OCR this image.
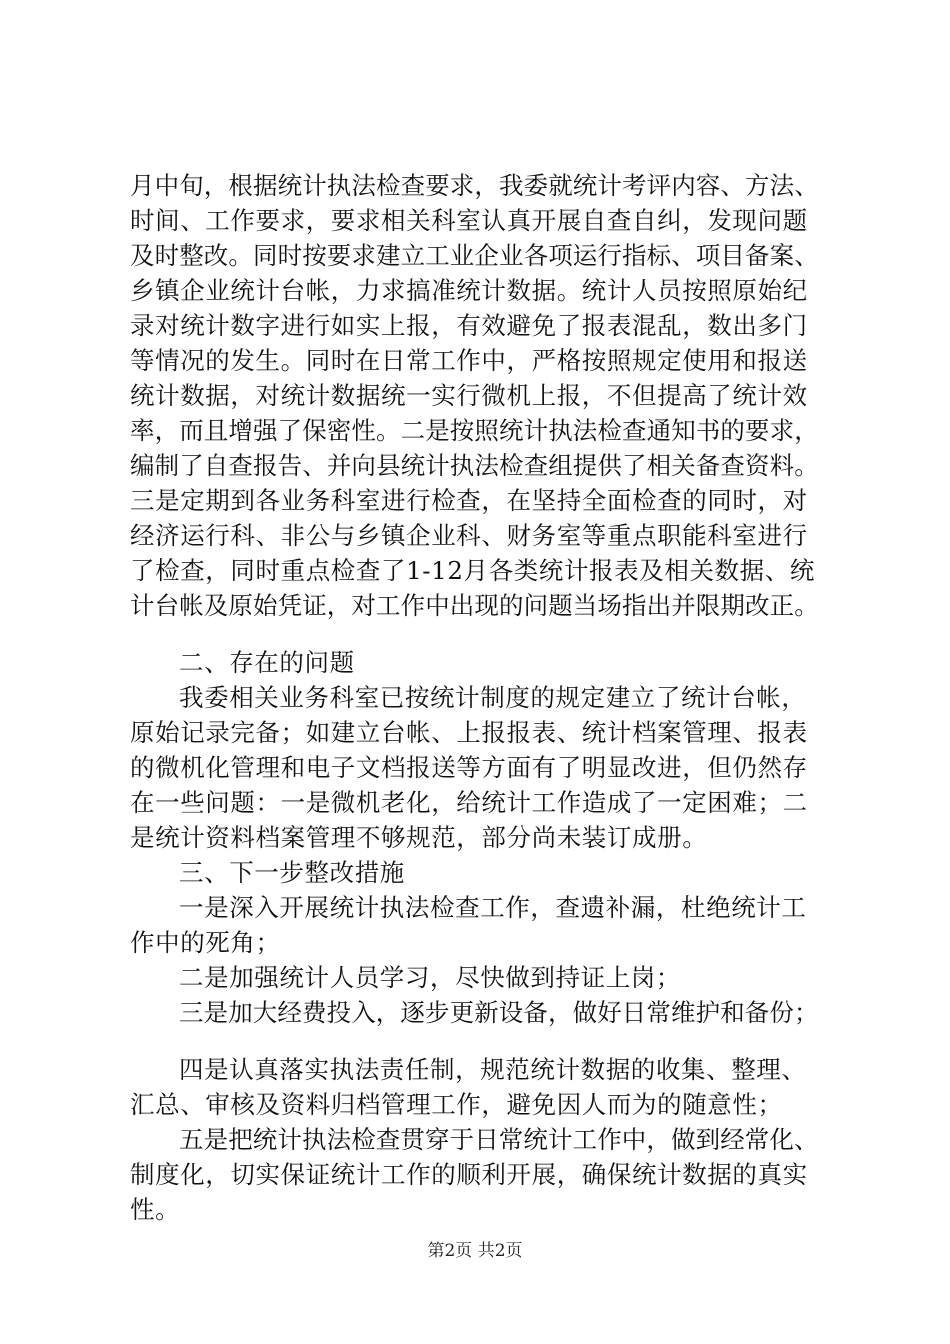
月中旬，根据统计执法检查要求，我委就统计考评内容、方法、
时间、工作要求，要求相关科室认真开展自查自纠，发现问题
及时整改。同时按要求建立工业企业各项运行指标、项目备案、
乡镇企业统计台帐，力求搞准统计数据。统计人员按照原始纪
录对统计数字进行如实上报，有效避免了报表混乱，数出多门
等情况的发生。同时在日常工作中，严格按照规定使用和报送
统计数据，对统计数据统一实行微机上报，不但提高了统计效
率，而且增强了保密性。二是按照统计执法检查通知书的要求，
编制了自查报告、并向县统计执法检查组提供了相关备查资料。
三是定期到各业务科室进行检查，在坚持全面检查的同时，对
经济运行科、非公与乡镇企业科、财务室等重点职能科室进行
了检查，同时重点检查了1-12月各类统计报表及相关数据、统
计台帐及原始凭证，对工作中出现的问题当场指出并限期改正。
二、存在的问题
我委相关业务科室已按统计制度的规定建立了统计台帐，
原始记录完备；如建立台帐、上报报表、统计档案管理、报表
的微机化管理和电子文档报送等方面有了明显改进，但仍然存
在一些问题：一是微机老化，给统计工作造成了一定困难；二
是统计资料档案管理不够规范，部分尚未装订成册。
三、下一步整改措施
一是深入开展统计执法检查工作，查遗补漏，杜绝统计工
作中的死角；
二是加强统计人员学习，尽快做到持证上岗；
三是加大经费投入，逐步更新设备，做好日常维护和备份；
四是认真落实执法责任制，规范统计数据的收集、整理、
汇总、审核及资料归档管理工作，避免因人而为的随意性；
五是把统计执法检查贯穿于日常统计工作中，做到经常化、
制度化，切实保证统计工作的顺利开展，确保统计数据的真实
性。
第2页 共2页
